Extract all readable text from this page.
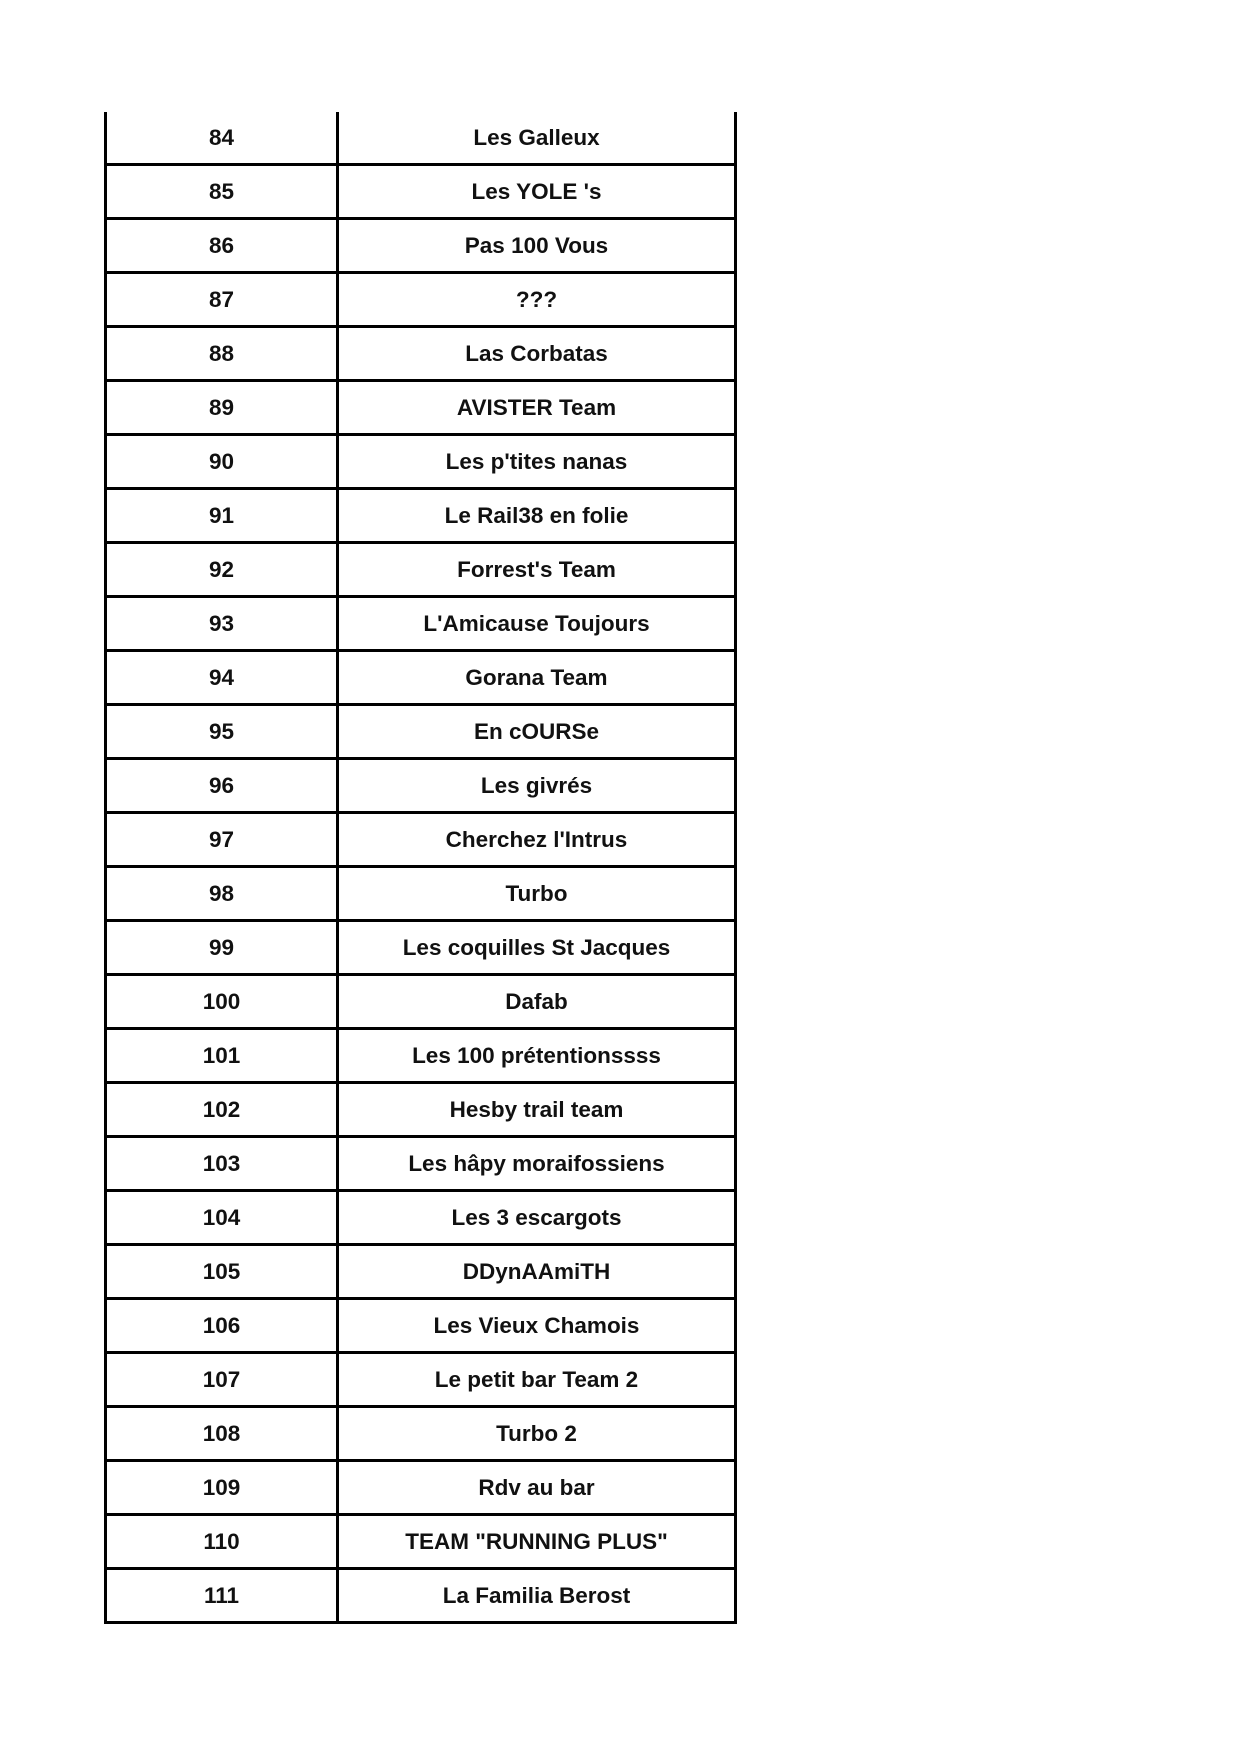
84	Les Galleux
85	Les YOLE 's
86	Pas 100 Vous
87	???
88	Las Corbatas
89	AVISTER Team
90	Les p'tites nanas
91	Le Rail38 en folie
92	Forrest's Team
93	L'Amicause Toujours
94	Gorana Team
95	En cOURSe
96	Les givrés
97	Cherchez l'Intrus
98	Turbo
99	Les coquilles St Jacques
100	Dafab
101	Les 100 prétentionssss
102	Hesby trail team
103	Les hâpy moraifossiens
104	Les 3 escargots
105	DDynAAmiTH
106	Les Vieux Chamois
107	Le petit bar Team 2
108	Turbo 2
109	Rdv au bar
110	TEAM "RUNNING PLUS"
111	La Familia Berost
